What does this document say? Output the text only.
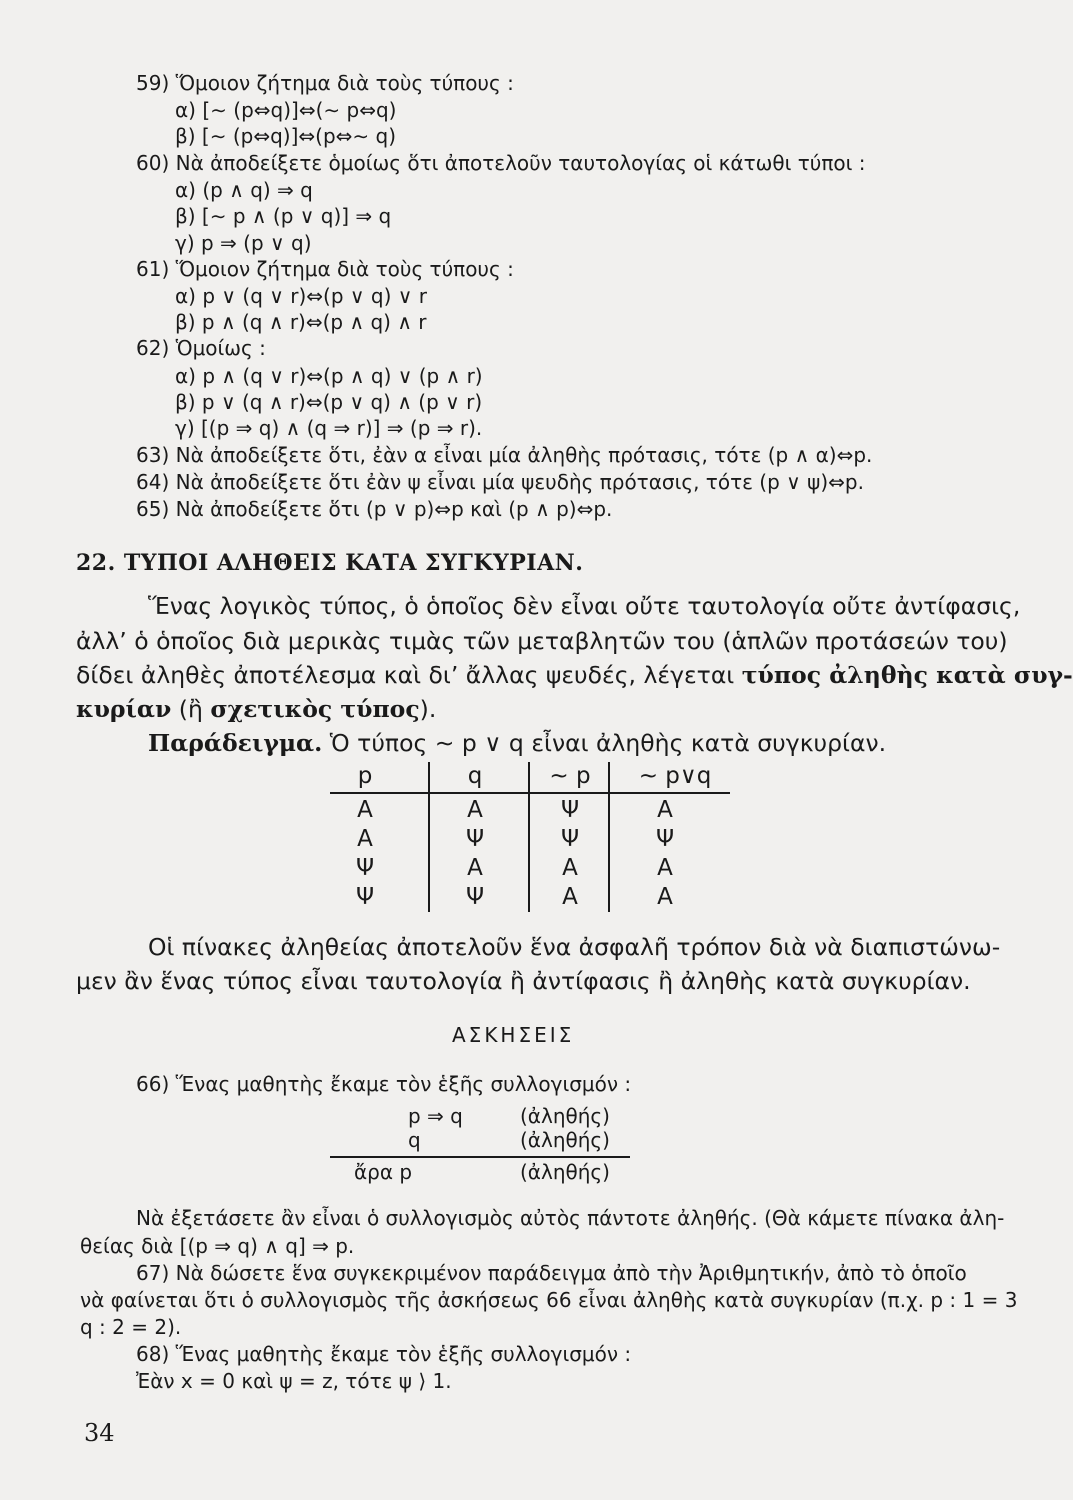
59) Ὅμοιον ζήτημα διὰ τοὺς τύπους :
α) [∼ (p⇔q)]⇔(∼ p⇔q)
β) [∼ (p⇔q)]⇔(p⇔∼ q)
60) Νὰ ἀποδείξετε ὁμοίως ὅτι ἀποτελοῦν ταυτολογίας οἱ κάτωθι τύποι :
α) (p ∧ q) ⇒ q
β) [∼ p ∧ (p ∨ q)] ⇒ q
γ) p ⇒ (p ∨ q)
61) Ὅμοιον ζήτημα διὰ τοὺς τύπους :
α) p ∨ (q ∨ r)⇔(p ∨ q) ∨ r
β) p ∧ (q ∧ r)⇔(p ∧ q) ∧ r
62) Ὁμοίως :
α) p ∧ (q ∨ r)⇔(p ∧ q) ∨ (p ∧ r)
β) p ∨ (q ∧ r)⇔(p ∨ q) ∧ (p ∨ r)
γ) [(p ⇒ q) ∧ (q ⇒ r)] ⇒ (p ⇒ r).
63) Νὰ ἀποδείξετε ὅτι, ἐὰν α εἶναι μία ἀληθὴς πρότασις, τότε (p ∧ α)⇔p.
64) Νὰ ἀποδείξετε ὅτι ἐὰν ψ εἶναι μία ψευδὴς πρότασις, τότε (p ∨ ψ)⇔p.
65) Νὰ ἀποδείξετε ὅτι (p ∨ p)⇔p καὶ (p ∧ p)⇔p.
22. ΤΥΠΟΙ ΑΛΗΘΕΙΣ ΚΑΤΑ ΣΥΓΚΥΡΙΑΝ.
Ἕνας λογικὸς τύπος, ὁ ὁποῖος δὲν εἶναι οὔτε ταυτολογία οὔτε ἀντίφασις,
ἀλλ’ ὁ ὁποῖος διὰ μερικὰς τιμὰς τῶν μεταβλητῶν του (ἁπλῶν προτάσεών του)
δίδει ἀληθὲς ἀποτέλεσμα καὶ δι’ ἄλλας ψευδές, λέγεται τύπος ἀληθὴς κατὰ συγ-
κυρίαν (ἢ σχετικὸς τύπος).
Παράδειγμα. Ὁ τύπος ∼ p ∨ q εἶναι ἀληθὴς κατὰ συγκυρίαν.
p	q	∼ p	∼ p∨q
Α	Α	Ψ	Α
Α	Ψ	Ψ	Ψ
Ψ	Α	Α	Α
Ψ	Ψ	Α	Α
Οἱ πίνακες ἀληθείας ἀποτελοῦν ἕνα ἀσφαλῆ τρόπον διὰ νὰ διαπιστώνω-
μεν ἂν ἕνας τύπος εἶναι ταυτολογία ἢ ἀντίφασις ἢ ἀληθὴς κατὰ συγκυρίαν.
ΑΣΚΗΣΕΙΣ
66) Ἕνας μαθητὴς ἔκαμε τὸν ἑξῆς συλλογισμόν :
p ⇒ q	(ἀληθής)
q	(ἀληθής)
ἄρα p	(ἀληθής)
Νὰ ἐξετάσετε ἂν εἶναι ὁ συλλογισμὸς αὐτὸς πάντοτε ἀληθής. (Θὰ κάμετε πίνακα ἀλη-
θείας διὰ [(p ⇒ q) ∧ q] ⇒ p.
67) Νὰ δώσετε ἕνα συγκεκριμένον παράδειγμα ἀπὸ τὴν Ἀριθμητικήν, ἀπὸ τὸ ὁποῖο
νὰ φαίνεται ὅτι ὁ συλλογισμὸς τῆς ἀσκήσεως 66 εἶναι ἀληθὴς κατὰ συγκυρίαν (π.χ. p : 1 = 3
q : 2 = 2).
68) Ἕνας μαθητὴς ἔκαμε τὸν ἑξῆς συλλογισμόν :
Ἐὰν x = 0 καὶ ψ = z, τότε ψ ⟩ 1.
34
